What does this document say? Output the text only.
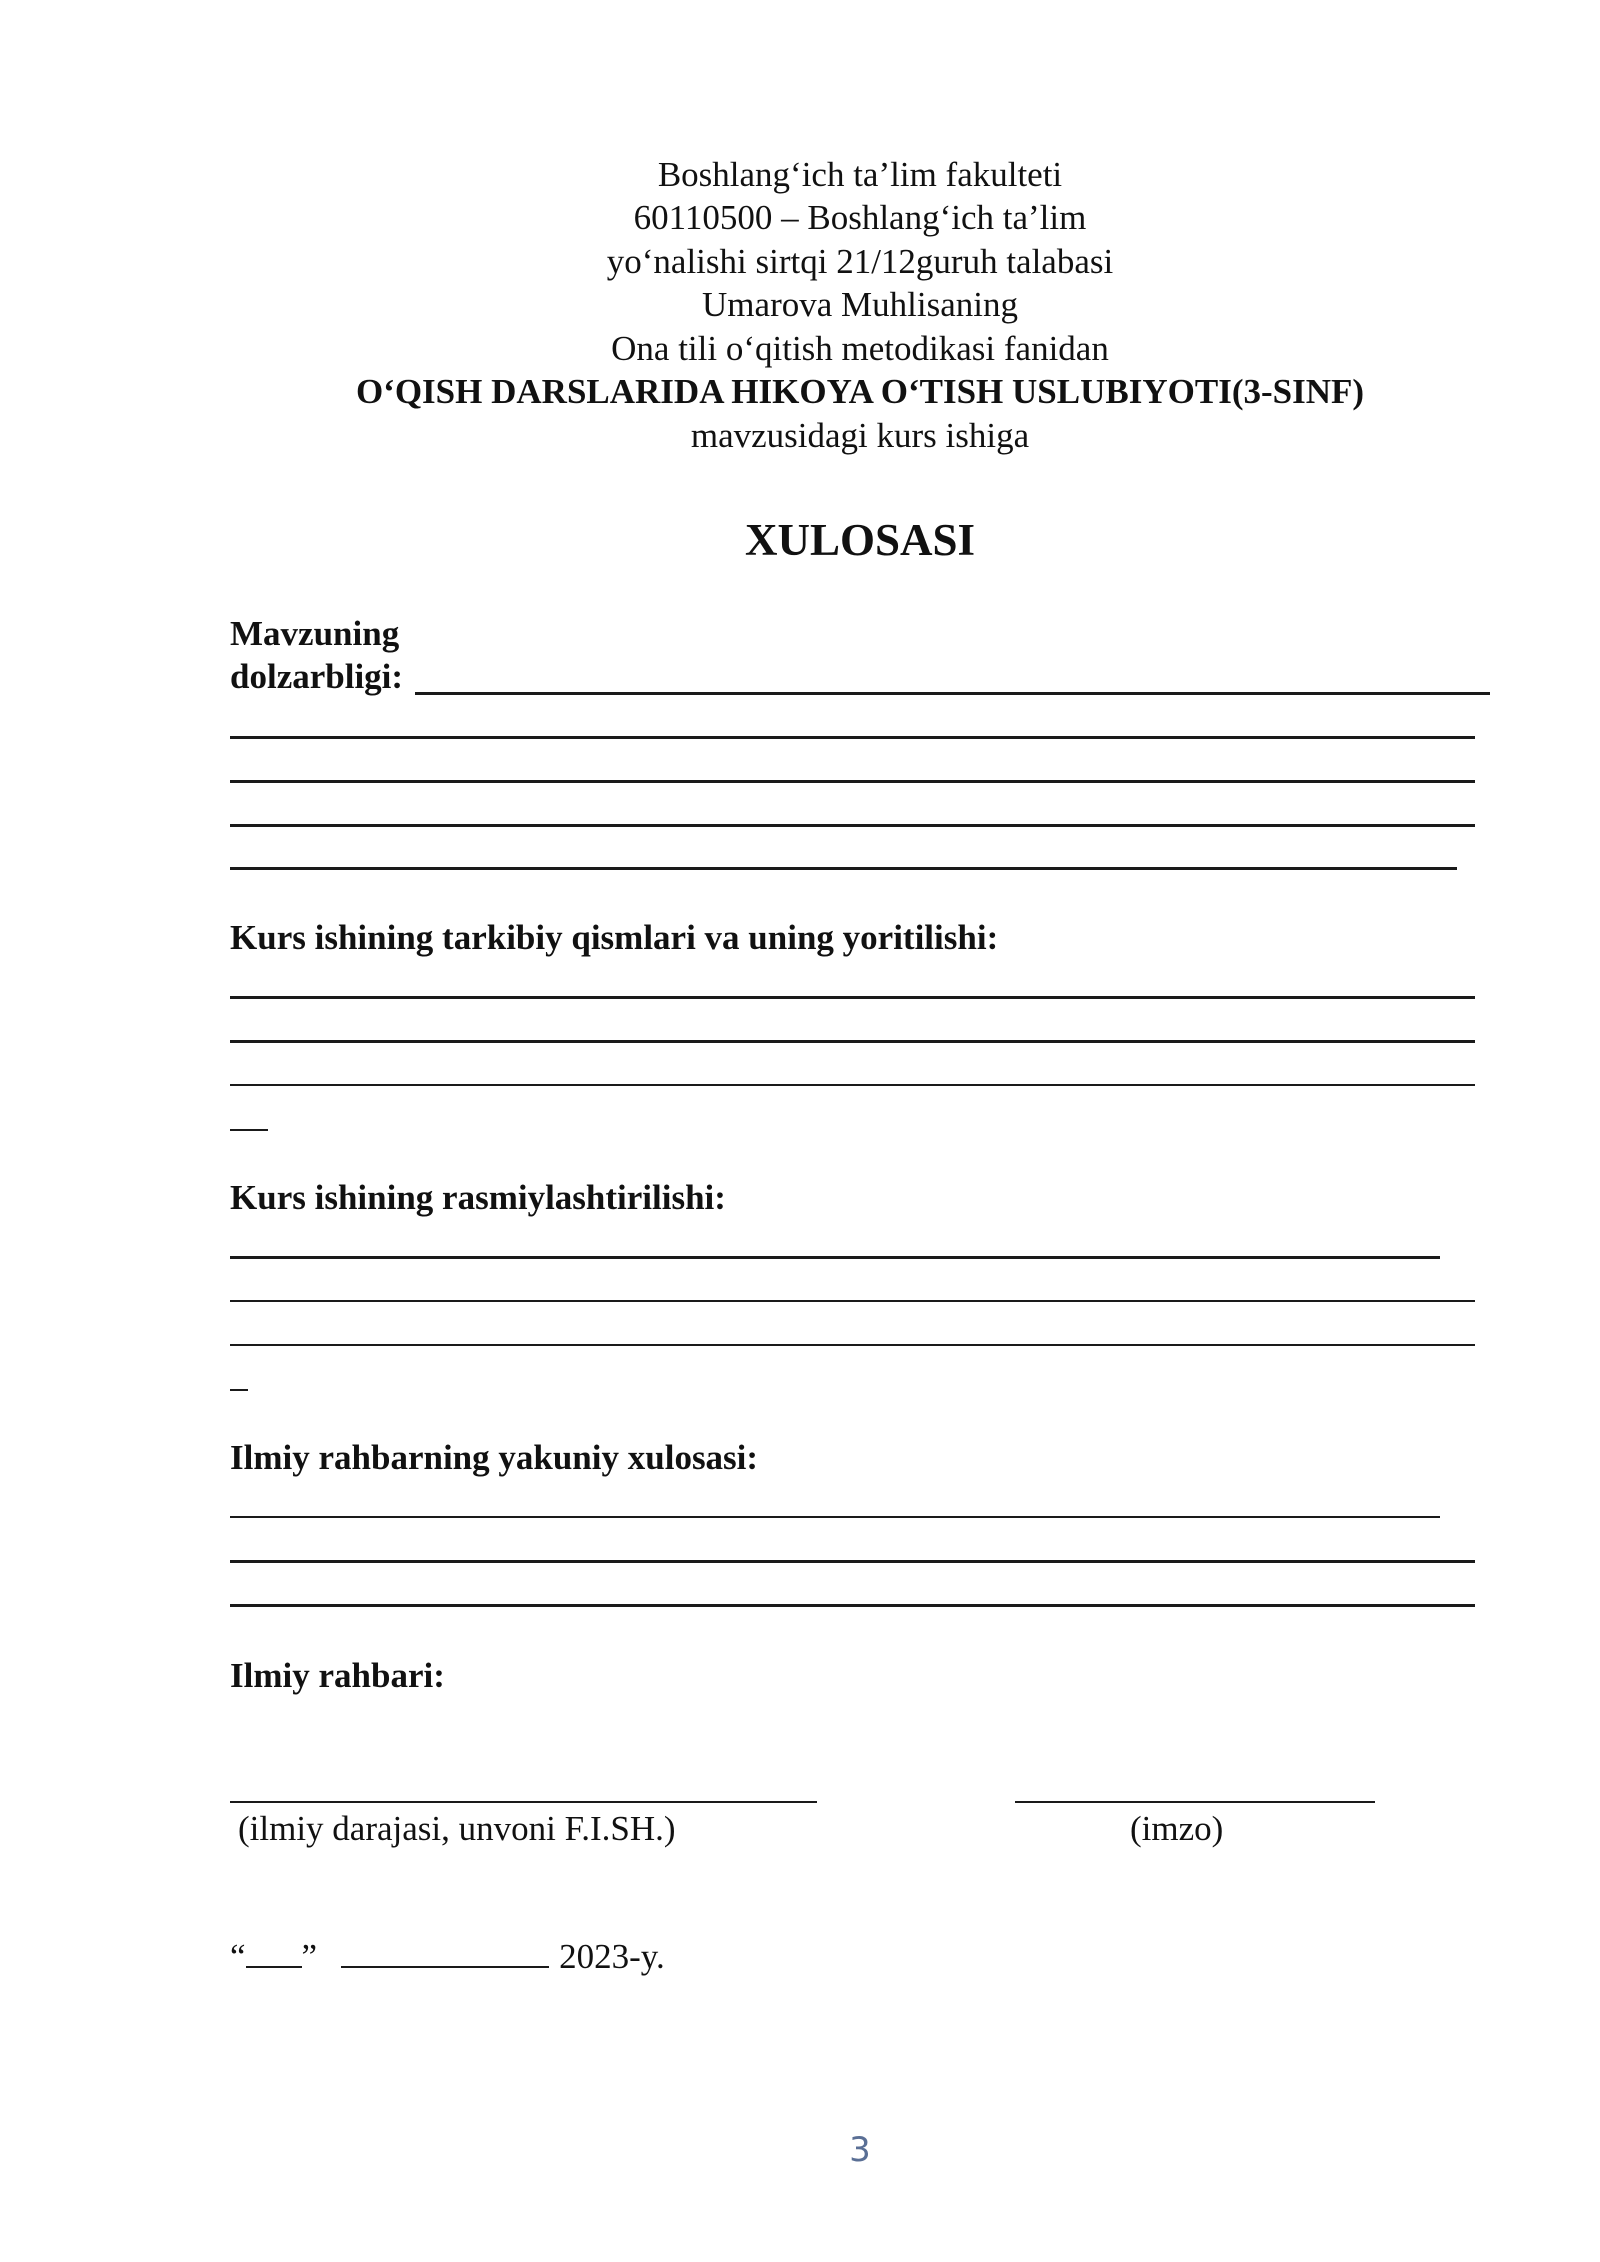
Boshlang‘ich ta’lim fakulteti
60110500 – Boshlang‘ich ta’lim
yo‘nalishi sirtqi 21/12guruh talabasi
Umarova Muhlisaning
Ona tili o‘qitish metodikasi fanidan
O‘QISH DARSLARIDA HIKOYA O‘TISH USLUBIYOTI(3-SINF)
mavzusidagi kurs ishiga
XULOSASI
Mavzuning
dolzarbligi:
Kurs ishining tarkibiy qismlari va uning yoritilishi:
Kurs ishining rasmiylashtirilishi:
Ilmiy rahbarning yakuniy xulosasi:
Ilmiy rahbari:
(ilmiy darajasi, unvoni F.I.SH.)	(imzo)
“ ”	2023-y.
3
